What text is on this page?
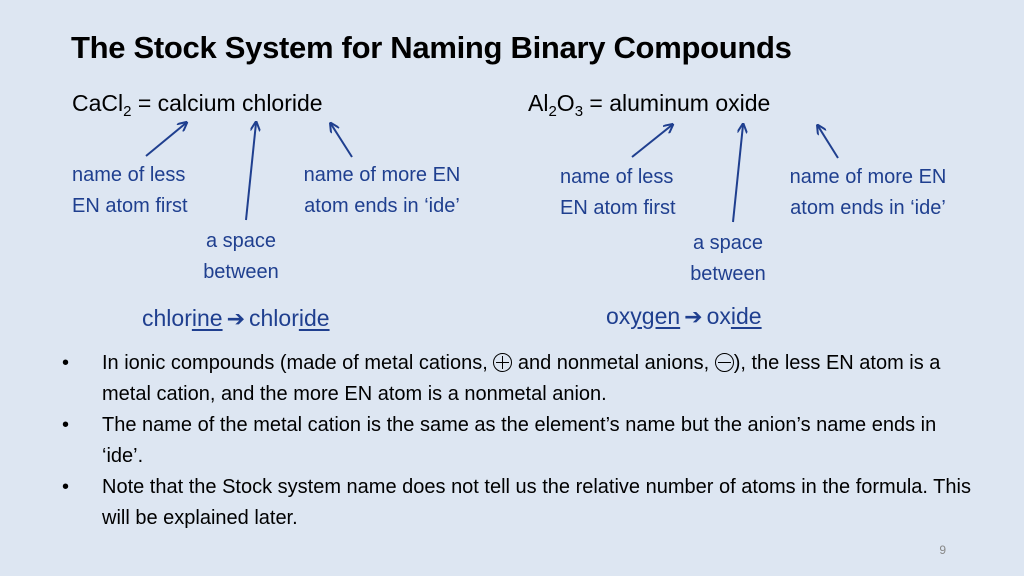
The Stock System for Naming Binary Compounds
CaCl$_2$ = calcium chloride	$Al_2O_3$ = aluminum oxide
name of less
EN atom first
name of more EN
atom ends in ‘ide’
a space
between
name of less
EN atom first
name of more EN
atom ends in ‘ide’
a space
between
chlorine ➔ chloride	oxygen ➔ oxide
• In ionic compounds (made of metal cations,  and nonmetal anions, ), the less EN atom is a metal cation, and the more EN atom is a nonmetal anion.
• The name of the metal cation is the same as the element’s name but the anion’s name ends in ‘ide’.
• Note that the Stock system name does not tell us the relative number of atoms in the formula. This will be explained later.
9
